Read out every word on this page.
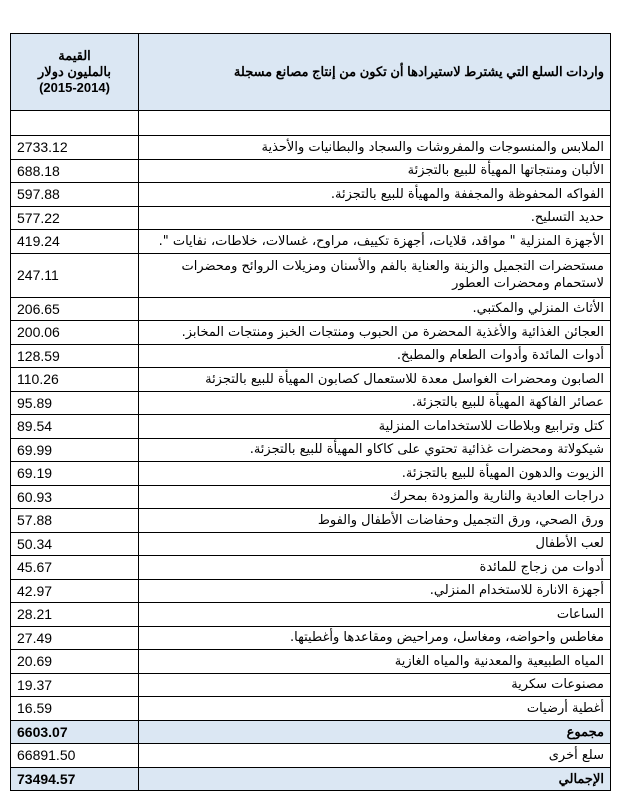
القيمة
بالمليون دولار
(2015-2014)	واردات السلع التي يشترط لاستيرادها أن تكون من إنتاج مصانع مسجلة

2733.12	الملابس والمنسوجات والمفروشات والسجاد والبطانيات والأحذية
688.18	الألبان ومنتجاتها المهيأة للبيع بالتجزئة
597.88	الفواكه المحفوظة والمجففة والمهيأة للبيع بالتجزئة.
577.22	حديد التسليح.
419.24	الأجهزة المنزلية " مواقد، قلايات، أجهزة تكييف، مراوح، غسالات، خلاطات، نفايات ".
247.11	مستحضرات التجميل والزينة والعناية بالفم والأسنان ومزيلات الروائح ومحضرات لاستحمام ومحضرات العطور
206.65	الأثاث المنزلي والمكتبي.
200.06	العجائن الغذائية والأغذية المحضرة من الحبوب ومنتجات الخبز ومنتجات المخابز.
128.59	أدوات المائدة وأدوات الطعام والمطبخ.
110.26	الصابون ومحضرات الغواسل معدة للاستعمال كصابون المهيأة للبيع بالتجزئة
95.89	عصائر الفاكهة المهيأة للبيع بالتجزئة.
89.54	كتل وترابيع وبلاطات للاستخدامات المنزلية
69.99	شيكولاتة ومحضرات غذائية تحتوي على كاكاو المهيأة للبيع بالتجزئة.
69.19	الزيوت والدهون المهيأة للبيع بالتجزئة.
60.93	دراجات العادية والنارية والمزودة بمحرك
57.88	ورق الصحي، ورق التجميل وحفاضات الأطفال والفوط
50.34	لعب الأطفال
45.67	أدوات من زجاج للمائدة
42.97	أجهزة الانارة للاستخدام المنزلي.
28.21	الساعات
27.49	مغاطس واحواضه، ومغاسل، ومراحيض ومقاعدها وأغطيتها.
20.69	المياه الطبيعية والمعدنية والمياه الغازية
19.37	مصنوعات سكرية
16.59	أغطية أرضيات
6603.07	مجموع
66891.50	سلع أخرى
73494.57	الإجمالي
